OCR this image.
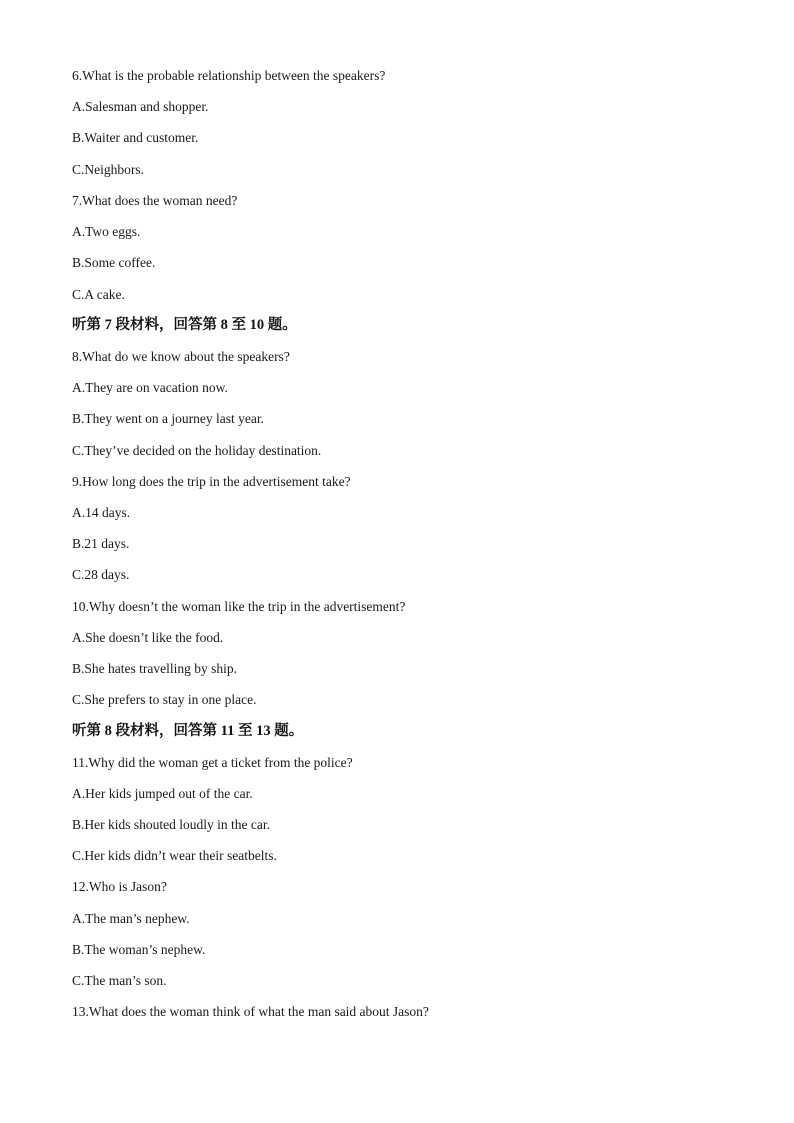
6.What is the probable relationship between the speakers?
A.Salesman and shopper.
B.Waiter and customer.
C.Neighbors.
7.What does the woman need?
A.Two eggs.
B.Some coffee.
C.A cake.
听第 7 段材料，回答第 8 至 10 题。
8.What do we know about the speakers?
A.They are on vacation now.
B.They went on a journey last year.
C.They’ve decided on the holiday destination.
9.How long does the trip in the advertisement take?
A.14 days.
B.21 days.
C.28 days.
10.Why doesn’t the woman like the trip in the advertisement?
A.She doesn’t like the food.
B.She hates travelling by ship.
C.She prefers to stay in one place.
听第 8 段材料，回答第 11 至 13 题。
11.Why did the woman get a ticket from the police?
A.Her kids jumped out of the car.
B.Her kids shouted loudly in the car.
C.Her kids didn’t wear their seatbelts.
12.Who is Jason?
A.The man’s nephew.
B.The woman’s nephew.
C.The man’s son.
13.What does the woman think of what the man said about Jason?
